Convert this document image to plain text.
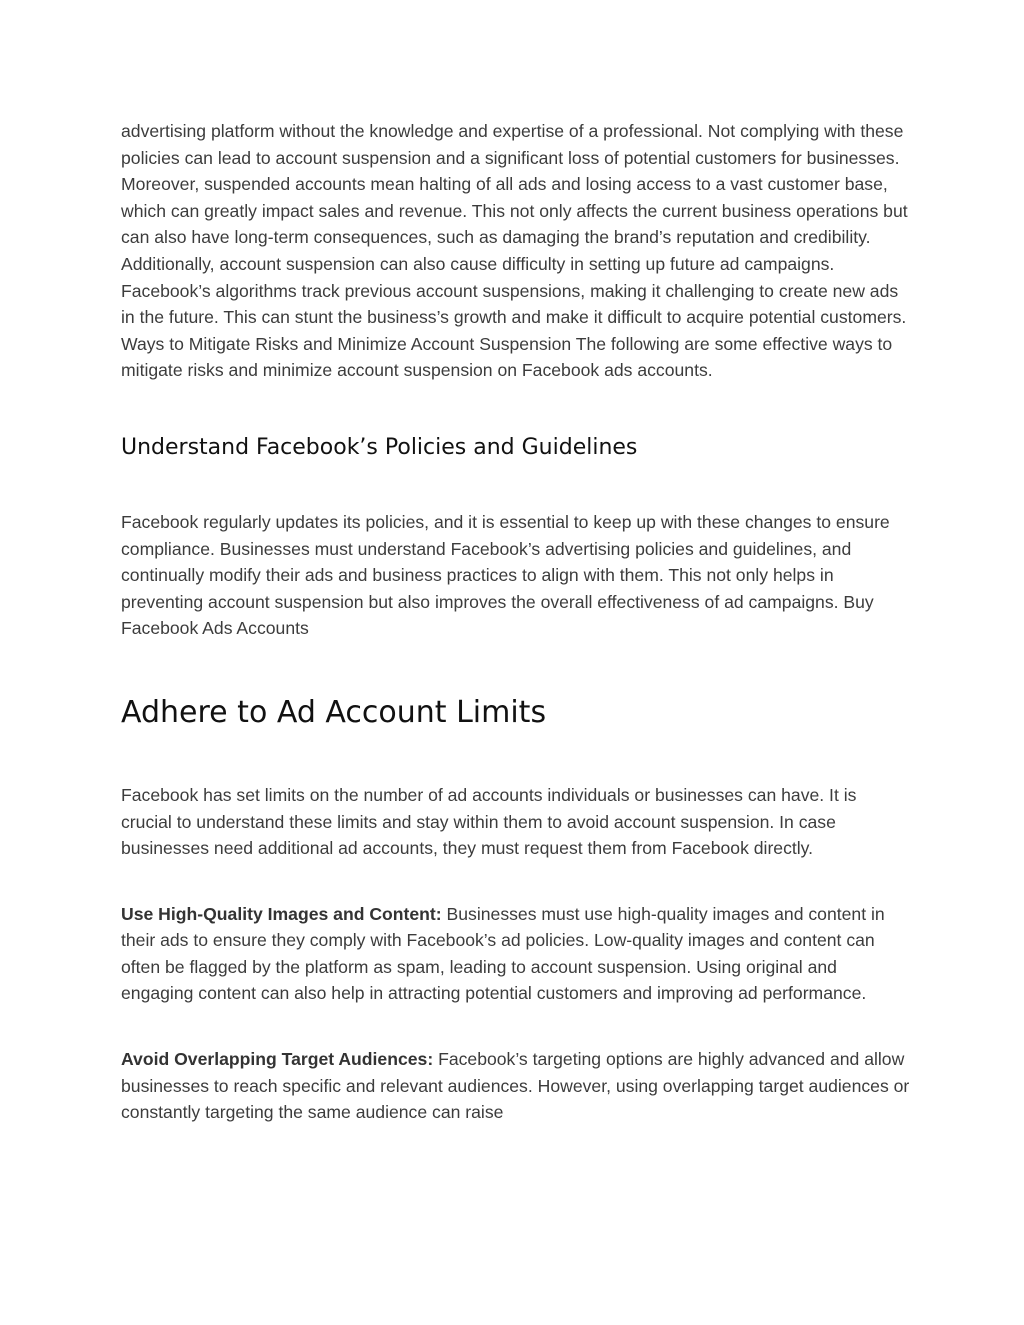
advertising platform without the knowledge and expertise of a professional. Not complying with these policies can lead to account suspension and a significant loss of potential customers for businesses. Moreover, suspended accounts mean halting of all ads and losing access to a vast customer base, which can greatly impact sales and revenue. This not only affects the current business operations but can also have long-term consequences, such as damaging the brand’s reputation and credibility. Additionally, account suspension can also cause difficulty in setting up future ad campaigns. Facebook’s algorithms track previous account suspensions, making it challenging to create new ads in the future. This can stunt the business’s growth and make it difficult to acquire potential customers. Ways to Mitigate Risks and Minimize Account Suspension The following are some effective ways to mitigate risks and minimize account suspension on Facebook ads accounts.

Understand Facebook’s Policies and Guidelines

Facebook regularly updates its policies, and it is essential to keep up with these changes to ensure compliance. Businesses must understand Facebook’s advertising policies and guidelines, and continually modify their ads and business practices to align with them. This not only helps in preventing account suspension but also improves the overall effectiveness of ad campaigns. Buy Facebook Ads Accounts

Adhere to Ad Account Limits

Facebook has set limits on the number of ad accounts individuals or businesses can have. It is crucial to understand these limits and stay within them to avoid account suspension. In case businesses need additional ad accounts, they must request them from Facebook directly.

Use High-Quality Images and Content: Businesses must use high-quality images and content in their ads to ensure they comply with Facebook’s ad policies. Low-quality images and content can often be flagged by the platform as spam, leading to account suspension. Using original and engaging content can also help in attracting potential customers and improving ad performance.

Avoid Overlapping Target Audiences: Facebook’s targeting options are highly advanced and allow businesses to reach specific and relevant audiences. However, using overlapping target audiences or constantly targeting the same audience can raise
